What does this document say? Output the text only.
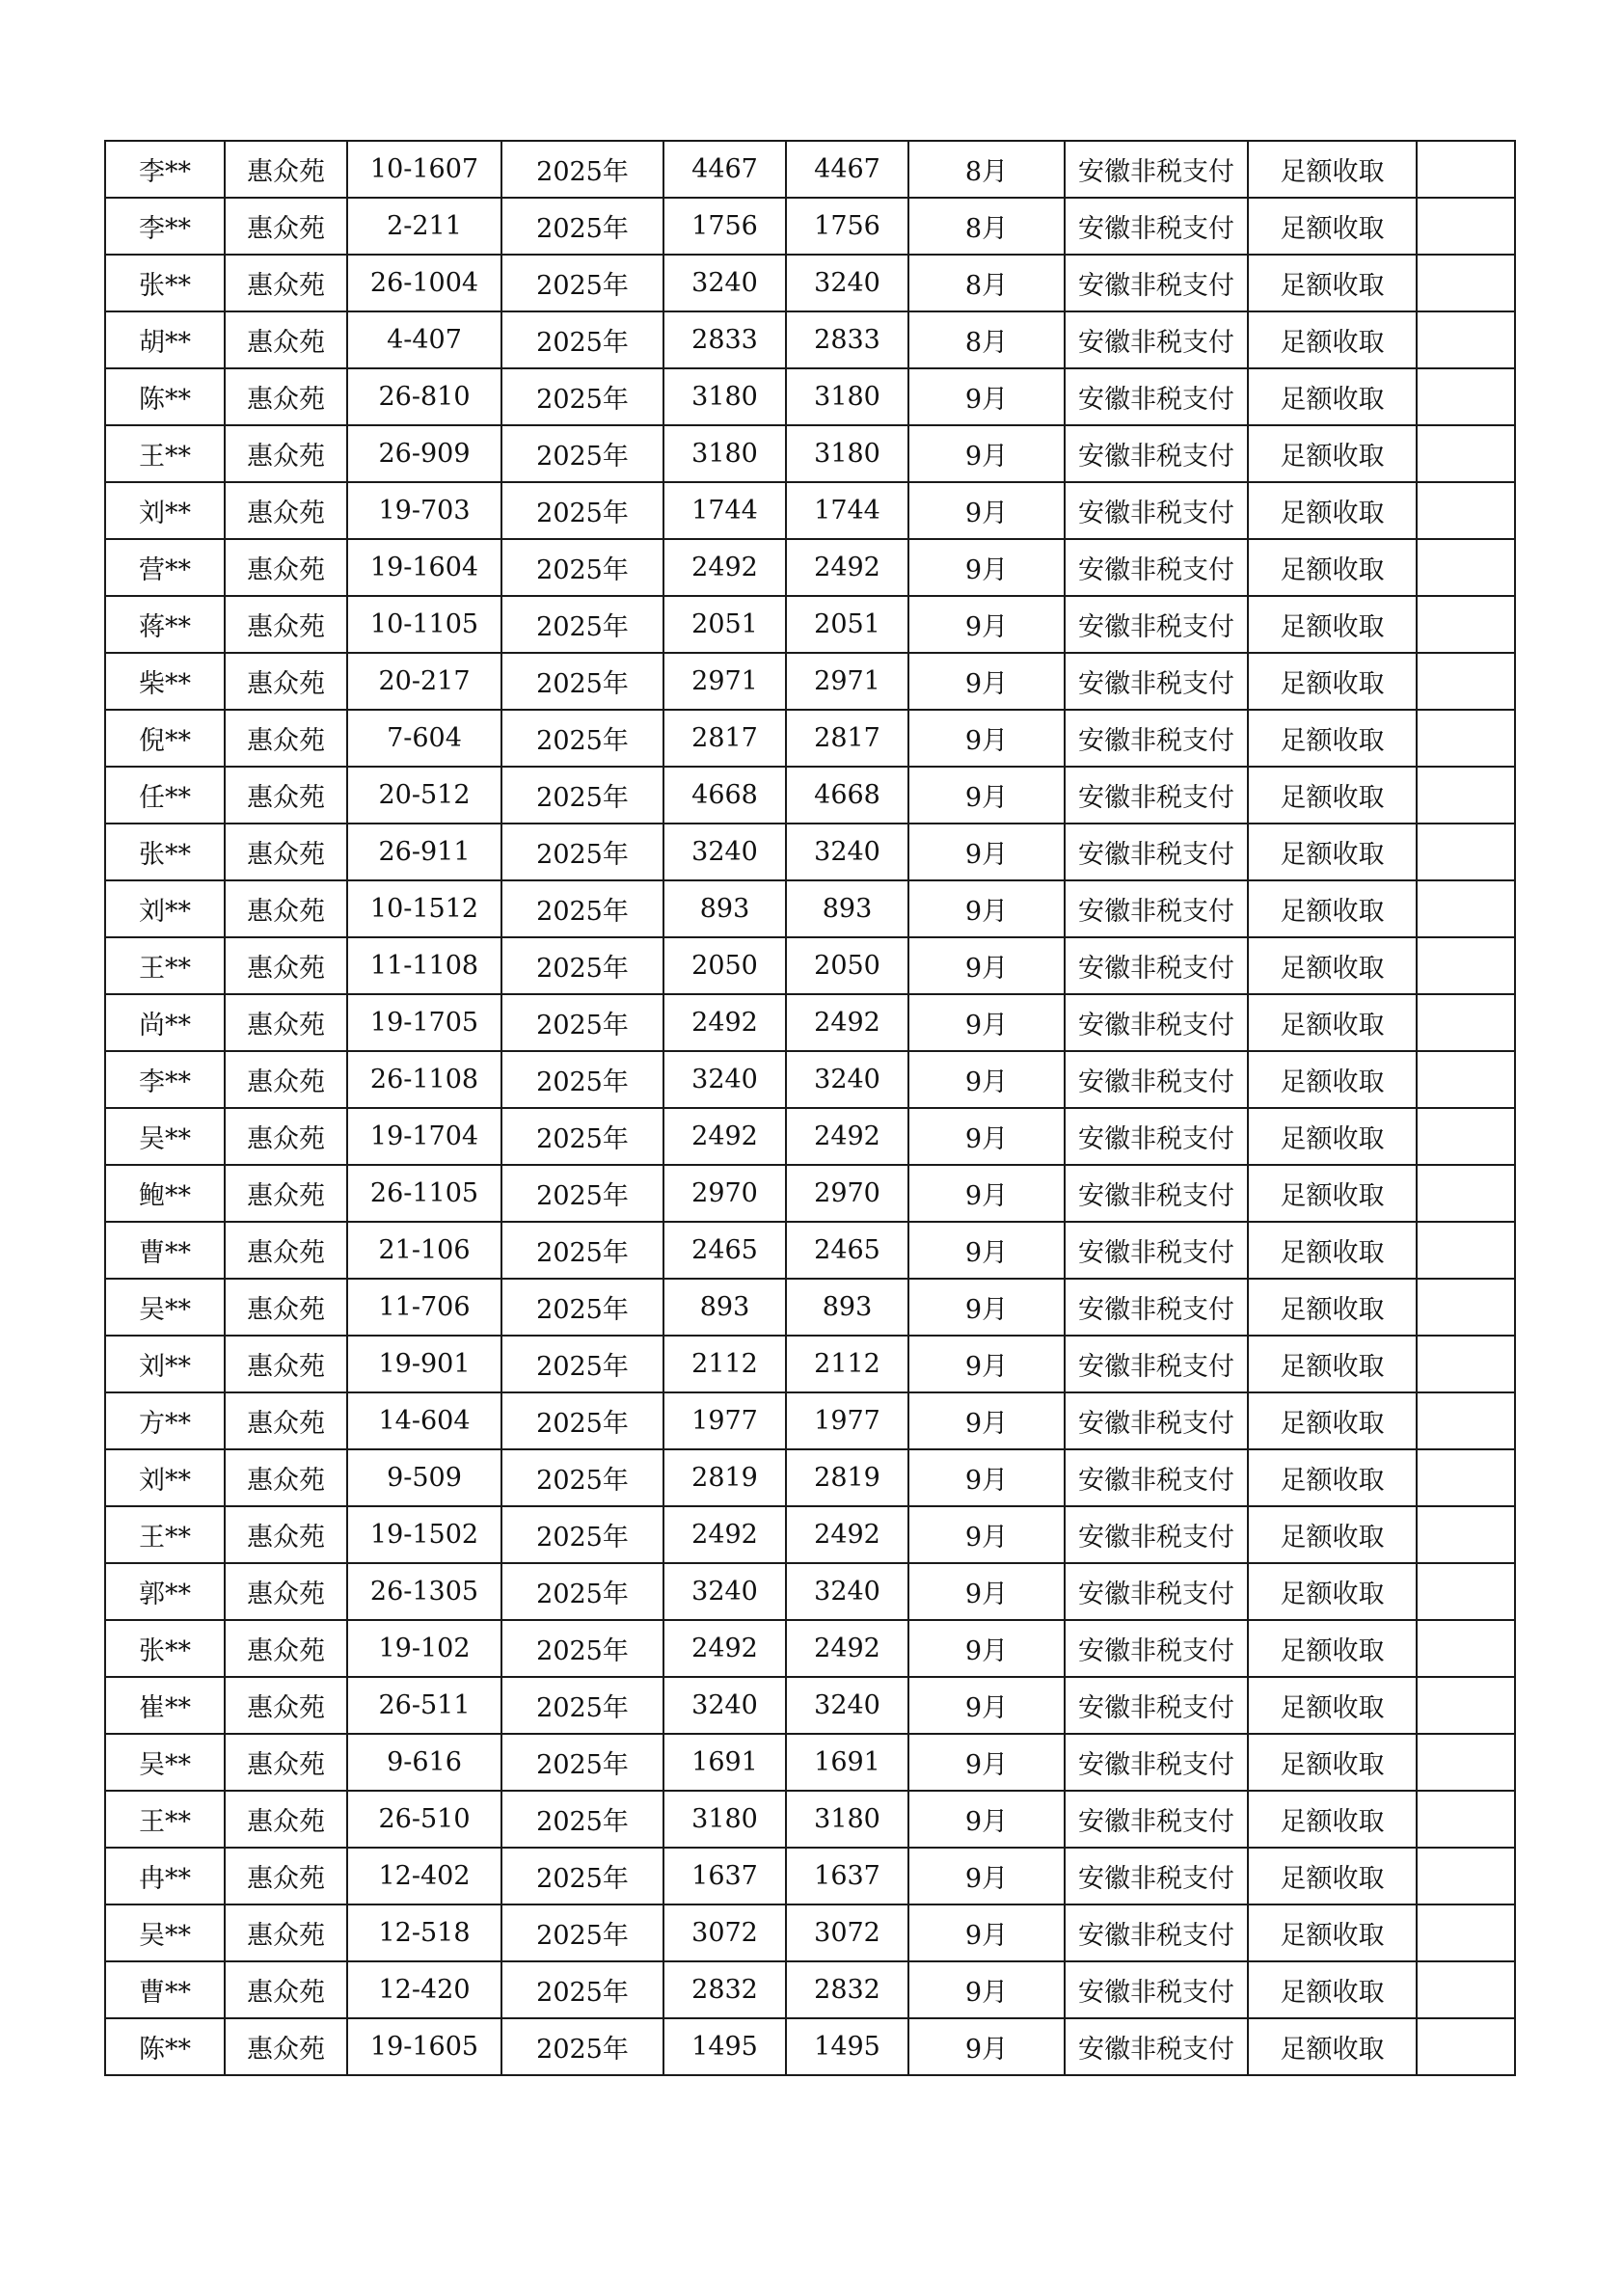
李**	惠众苑	10-1607	2025年	4467	4467	8月	安徽非税支付	足额收取	
李**	惠众苑	2-211	2025年	1756	1756	8月	安徽非税支付	足额收取	
张**	惠众苑	26-1004	2025年	3240	3240	8月	安徽非税支付	足额收取	
胡**	惠众苑	4-407	2025年	2833	2833	8月	安徽非税支付	足额收取	
陈**	惠众苑	26-810	2025年	3180	3180	9月	安徽非税支付	足额收取	
王**	惠众苑	26-909	2025年	3180	3180	9月	安徽非税支付	足额收取	
刘**	惠众苑	19-703	2025年	1744	1744	9月	安徽非税支付	足额收取	
营**	惠众苑	19-1604	2025年	2492	2492	9月	安徽非税支付	足额收取	
蒋**	惠众苑	10-1105	2025年	2051	2051	9月	安徽非税支付	足额收取	
柴**	惠众苑	20-217	2025年	2971	2971	9月	安徽非税支付	足额收取	
倪**	惠众苑	7-604	2025年	2817	2817	9月	安徽非税支付	足额收取	
任**	惠众苑	20-512	2025年	4668	4668	9月	安徽非税支付	足额收取	
张**	惠众苑	26-911	2025年	3240	3240	9月	安徽非税支付	足额收取	
刘**	惠众苑	10-1512	2025年	893	893	9月	安徽非税支付	足额收取	
王**	惠众苑	11-1108	2025年	2050	2050	9月	安徽非税支付	足额收取	
尚**	惠众苑	19-1705	2025年	2492	2492	9月	安徽非税支付	足额收取	
李**	惠众苑	26-1108	2025年	3240	3240	9月	安徽非税支付	足额收取	
吴**	惠众苑	19-1704	2025年	2492	2492	9月	安徽非税支付	足额收取	
鲍**	惠众苑	26-1105	2025年	2970	2970	9月	安徽非税支付	足额收取	
曹**	惠众苑	21-106	2025年	2465	2465	9月	安徽非税支付	足额收取	
吴**	惠众苑	11-706	2025年	893	893	9月	安徽非税支付	足额收取	
刘**	惠众苑	19-901	2025年	2112	2112	9月	安徽非税支付	足额收取	
方**	惠众苑	14-604	2025年	1977	1977	9月	安徽非税支付	足额收取	
刘**	惠众苑	9-509	2025年	2819	2819	9月	安徽非税支付	足额收取	
王**	惠众苑	19-1502	2025年	2492	2492	9月	安徽非税支付	足额收取	
郭**	惠众苑	26-1305	2025年	3240	3240	9月	安徽非税支付	足额收取	
张**	惠众苑	19-102	2025年	2492	2492	9月	安徽非税支付	足额收取	
崔**	惠众苑	26-511	2025年	3240	3240	9月	安徽非税支付	足额收取	
吴**	惠众苑	9-616	2025年	1691	1691	9月	安徽非税支付	足额收取	
王**	惠众苑	26-510	2025年	3180	3180	9月	安徽非税支付	足额收取	
冉**	惠众苑	12-402	2025年	1637	1637	9月	安徽非税支付	足额收取	
吴**	惠众苑	12-518	2025年	3072	3072	9月	安徽非税支付	足额收取	
曹**	惠众苑	12-420	2025年	2832	2832	9月	安徽非税支付	足额收取	
陈**	惠众苑	19-1605	2025年	1495	1495	9月	安徽非税支付	足额收取	
